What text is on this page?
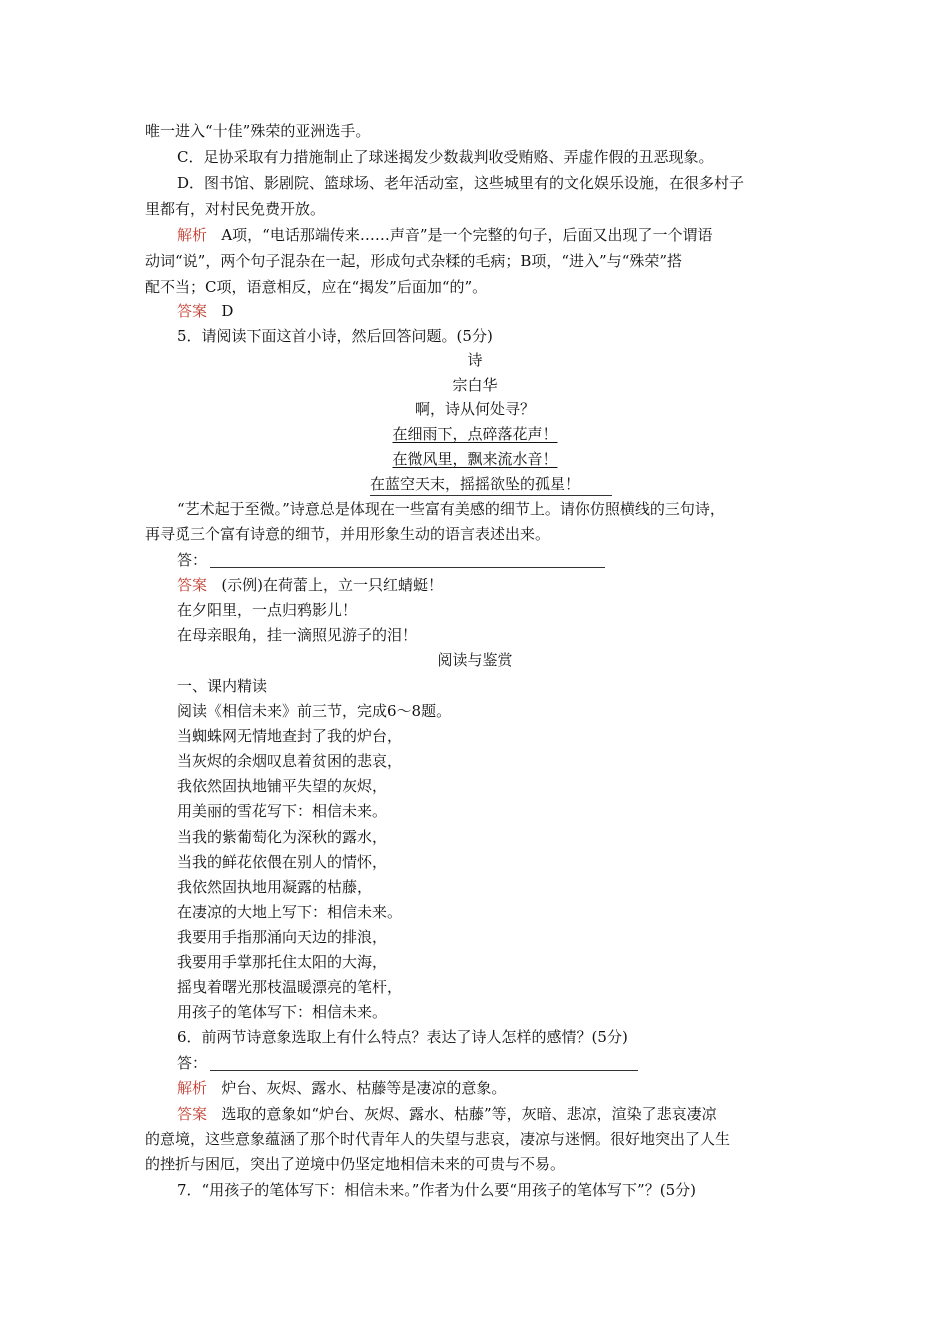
唯一进入“十佳”殊荣的亚洲选手。
C．足协采取有力措施制止了球迷揭发少数裁判收受贿赂、弄虚作假的丑恶现象。
D．图书馆、影剧院、篮球场、老年活动室，这些城里有的文化娱乐设施，在很多村子
里都有，对村民免费开放。
解析 A项，“电话那端传来……声音”是一个完整的句子，后面又出现了一个谓语
动词“说”，两个句子混杂在一起，形成句式杂糅的毛病；B项，“进入”与“殊荣”搭
配不当；C项，语意相反，应在“揭发”后面加“的”。
答案 D
5．请阅读下面这首小诗，然后回答问题。(5分)
诗
宗白华
啊，诗从何处寻？
在细雨下，点碎落花声！
在微风里，飘来流水音！
在蓝空天末，摇摇欲坠的孤星！
“艺术起于至微。”诗意总是体现在一些富有美感的细节上。请你仿照横线的三句诗，
再寻觅三个富有诗意的细节，并用形象生动的语言表述出来。
答：
答案 (示例)在荷蕾上，立一只红蜻蜓！
在夕阳里，一点归鸦影儿！
在母亲眼角，挂一滴照见游子的泪！
阅读与鉴赏
一、课内精读
阅读《相信未来》前三节，完成6～8题。
当蜘蛛网无情地查封了我的炉台，
当灰烬的余烟叹息着贫困的悲哀，
我依然固执地铺平失望的灰烬，
用美丽的雪花写下：相信未来。
当我的紫葡萄化为深秋的露水，
当我的鲜花依偎在别人的情怀，
我依然固执地用凝露的枯藤，
在凄凉的大地上写下：相信未来。
我要用手指那涌向天边的排浪，
我要用手掌那托住太阳的大海，
摇曳着曙光那枝温暖漂亮的笔杆，
用孩子的笔体写下：相信未来。
6．前两节诗意象选取上有什么特点？表达了诗人怎样的感情？(5分)
答：
解析 炉台、灰烬、露水、枯藤等是凄凉的意象。
答案 选取的意象如“炉台、灰烬、露水、枯藤”等，灰暗、悲凉，渲染了悲哀凄凉
的意境，这些意象蕴涵了那个时代青年人的失望与悲哀，凄凉与迷惘。很好地突出了人生
的挫折与困厄，突出了逆境中仍坚定地相信未来的可贵与不易。
7．“用孩子的笔体写下：相信未来。”作者为什么要“用孩子的笔体写下”？(5分)
